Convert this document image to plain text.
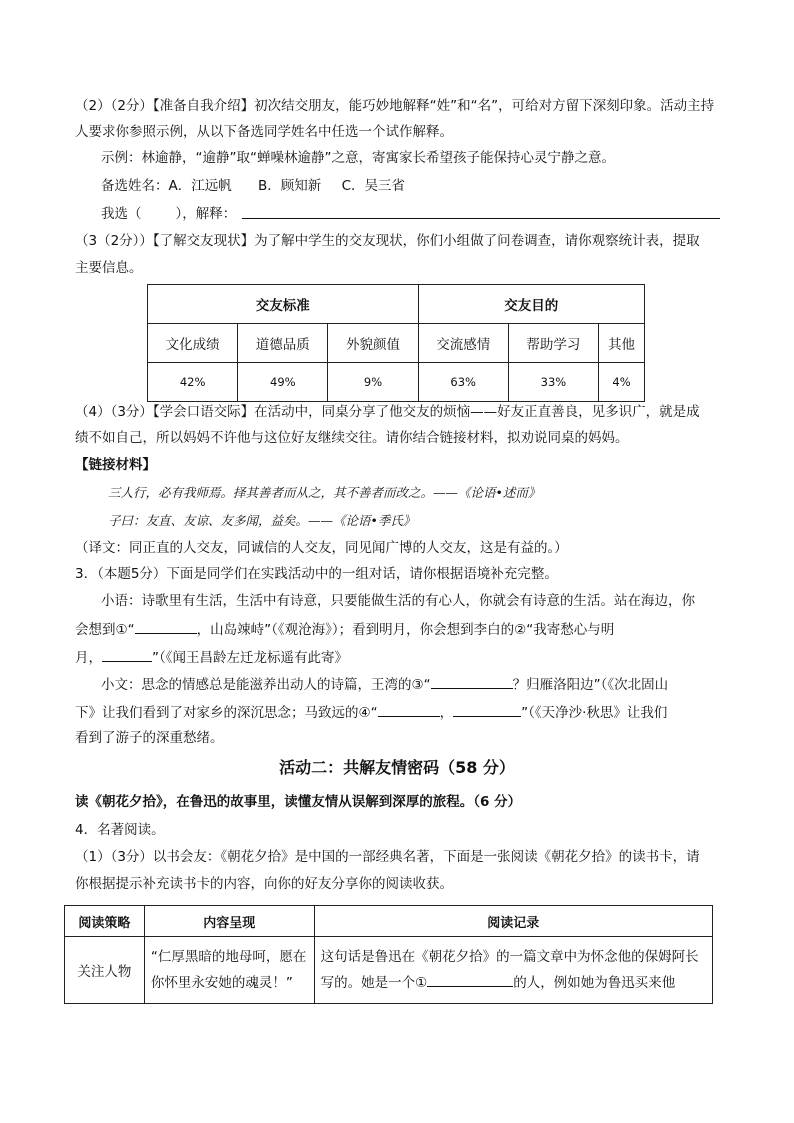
（2）（2分）【准备自我介绍】初次结交朋友，能巧妙地解释“姓”和“名”，可给对方留下深刻印象。活动主持
人要求你参照示例，从以下备选同学姓名中任选一个试作解释。
示例：林逾静，“逾静”取“蝉噪林逾静”之意，寄寓家长希望孩子能保持心灵宁静之意。
备选姓名：A．江远帆 B．顾知新 C．吴三省
我选（	），解释：
（3（2分））【了解交友现状】为了解中学生的交友现状，你们小组做了问卷调查，请你观察统计表，提取
主要信息。
交友标准			交友目的		
文化成绩	道德品质	外貌颜值	交流感情	帮助学习	其他
42%	49%	9%	63%	33%	4%
（4）（3分）【学会口语交际】在活动中，同桌分享了他交友的烦恼——好友正直善良，见多识广，就是成
绩不如自己，所以妈妈不许他与这位好友继续交往。请你结合链接材料，拟劝说同桌的妈妈。
【链接材料】
三人行，必有我师焉。择其善者而从之，其不善者而改之。——《论语•述而》
子曰：友直、友谅、友多闻，益矣。——《论语•季氏》
（译文：同正直的人交友，同诚信的人交友，同见闻广博的人交友，这是有益的。）
3．（本题5分）下面是同学们在实践活动中的一组对话，请你根据语境补充完整。
小语：诗歌里有生活，生活中有诗意，只要能做生活的有心人，你就会有诗意的生活。站在海边，你
会想到①“	，山岛竦峙”（《观沧海》）；看到明月，你会想到李白的②“我寄愁心与明
月，	”（《闻王昌龄左迁龙标遥有此寄》
小文：思念的情感总是能滋养出动人的诗篇，王湾的③“	？归雁洛阳边”（《次北固山
下》让我们看到了对家乡的深沉思念；马致远的④“	，	”（《天净沙·秋思》让我们
看到了游子的深重愁绪。
活动二：共解友情密码（58 分）
读《朝花夕拾》，在鲁迅的故事里，读懂友情从误解到深厚的旅程。（6 分）
4．名著阅读。
（1）（3分）以书会友：《朝花夕拾》是中国的一部经典名著，下面是一张阅读《朝花夕拾》的读书卡，请
你根据提示补充读书卡的内容，向你的好友分享你的阅读收获。
阅读策略	内容呈现	阅读记录
关注人物	“仁厚黑暗的地母呵，愿在你怀里永安她的魂灵！”	这句话是鲁迅在《朝花夕拾》的一篇文章中为怀念他的保姆阿长写的。她是一个① 的人，例如她为鲁迅买来他
